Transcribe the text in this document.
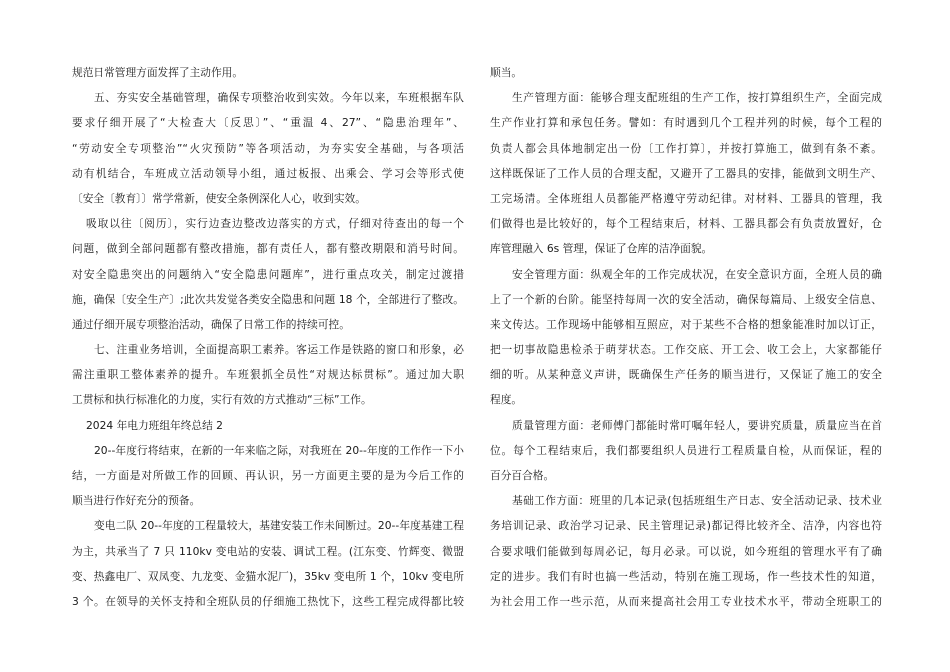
规范日常管理方面发挥了主动作用。
五、夯实安全基础管理，确保专项整治收到实效。今年以来，车班根据车队
要求仔细开展了“大检查大〔反思〕”、“重温 4、27”、“隐患治理年”、
“劳动安全专项整治”“火灾预防”等各项活动，为夯实安全基础，与各项活
动有机结合，车班成立活动领导小组，通过板报、出乘会、学习会等形式使
〔安全〔教育〕〕常学常新，使安全条例深化人心，收到实效。
吸取以往〔阅历〕，实行边查边整改边落实的方式，仔细对待查出的每一个
问题，做到全部问题都有整改措施，都有责任人，都有整改期限和消号时间。
对安全隐患突出的问题纳入“安全隐患问题库”，进行重点攻关，制定过渡措
施，确保〔安全生产〕;此次共发觉各类安全隐患和问题 18 个，全部进行了整改。
通过仔细开展专项整治活动，确保了日常工作的持续可控。
七、注重业务培训，全面提高职工素养。客运工作是铁路的窗口和形象，必
需注重职工整体素养的提升。车班狠抓全员性“对规达标贯标”。通过加大职
工贯标和执行标准化的力度，实行有效的方式推动“三标”工作。
2024 年电力班组年终总结 2
20--年度行将结束，在新的一年来临之际，对我班在 20--年度的工作作一下小
结，一方面是对所做工作的回顾、再认识，另一方面更主要的是为今后工作的
顺当进行作好充分的预备。
变电二队 20--年度的工程量较大，基建安装工作未间断过。20--年度基建工程
为主，共承当了 7 只 110kv 变电站的安装、调试工程。(江东变、竹辉变、微盟
变、热鑫电厂、双凤变、九龙变、金猫水泥厂)，35kv 变电所 1 个，10kv 变电所
3 个。在领导的关怀支持和全班队员的仔细施工热忱下，这些工程完成得都比较
顺当。
生产管理方面：能够合理支配班组的生产工作，按打算组织生产，全面完成
生产作业打算和承包任务。譬如：有时遇到几个工程并列的时候，每个工程的
负责人都会具体地制定出一份〔工作打算〕，并按打算施工，做到有条不紊。
这样既保证了工作人员的合理支配，又避开了工器具的安排，能做到文明生产、
工完场清。全体班组人员都能严格遵守劳动纪律。对材料、工器具的管理，我
们做得也是比较好的，每个工程结束后，材料、工器具都会有负责放置好，仓
库管理融入 6s 管理，保证了仓库的洁净面貌。
安全管理方面：纵观全年的工作完成状况，在安全意识方面，全班人员的确
上了一个新的台阶。能坚持每周一次的安全活动，确保每篇局、上级安全信息、
来文传达。工作现场中能够相互照应，对于某些不合格的想象能准时加以订正，
把一切事故隐患检杀于萌芽状态。工作交底、开工会、收工会上，大家都能仔
细的听。从某种意义声讲，既确保生产任务的顺当进行，又保证了施工的安全
程度。
质量管理方面：老师傅门都能时常叮嘱年轻人，要讲究质量，质量应当在首
位。每个工程结束后，我们都要组织人员进行工程质量自检，从而保证，程的
百分百合格。
基础工作方面：班里的几本记录(包括班组生产日志、安全活动记录、技术业
务培训记录、政治学习记录、民主管理记录)都记得比较齐全、洁净，内容也符
合要求哦们能做到每周必记，每月必录。可以说，如今班组的管理水平有了确
定的进步。我们有时也搞一些活动，特别在施工现场，作一些技术性的知道，
为社会用工作一些示范，从而来提高社会用工专业技术水平，带动全班职工的
